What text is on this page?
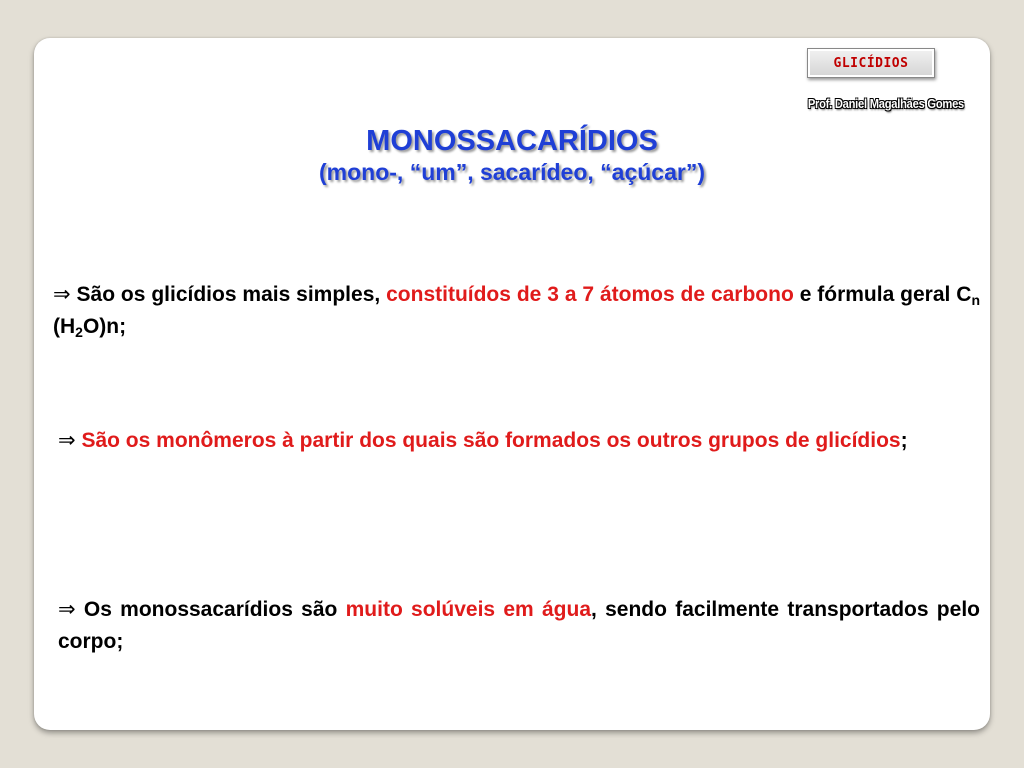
GLICÍDIOS
Prof. Daniel Magalhães Gomes
MONOSSACARÍDIOS
(mono-, “um”, sacarídeo, “açúcar”)
⇒ São os glicídios mais simples, constituídos de 3 a 7 átomos de carbono e fórmula geral $C_n$ $(H_2O)n$;
⇒ São os monômeros à partir dos quais são formados os outros grupos de glicídios;
⇒ Os monossacarídios são muito solúveis em água, sendo facilmente transportados pelo corpo;
